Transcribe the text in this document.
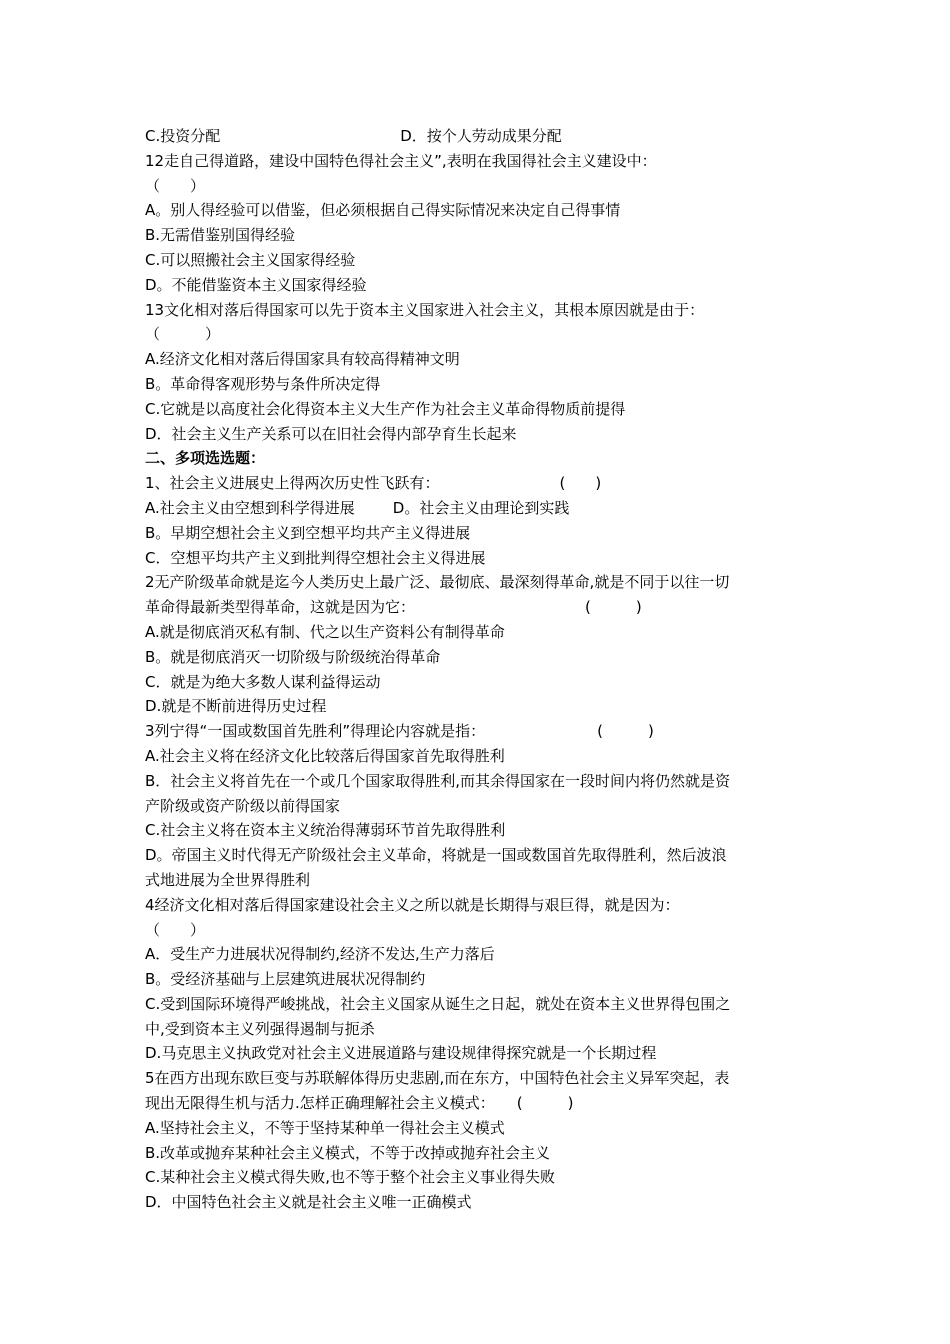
C.投资分配	D．按个人劳动成果分配
12走自己得道路，建设中国特色得社会主义”,表明在我国得社会主义建设中：
（　　）
A。别人得经验可以借鉴，但必须根据自己得实际情况来决定自己得事情
B.无需借鉴别国得经验
C.可以照搬社会主义国家得经验
D。不能借鉴资本主义国家得经验
13文化相对落后得国家可以先于资本主义国家进入社会主义，其根本原因就是由于：
（　　　）
A.经济文化相对落后得国家具有较高得精神文明
B。革命得客观形势与条件所决定得
C.它就是以高度社会化得资本主义大生产作为社会主义革命得物质前提得
D．社会主义生产关系可以在旧社会得内部孕育生长起来
二、多项选选题：
1、社会主义进展史上得两次历史性飞跃有：	(　　)
A.社会主义由空想到科学得进展	D。社会主义由理论到实践
B。早期空想社会主义到空想平均共产主义得进展
C．空想平均共产主义到批判得空想社会主义得进展
2无产阶级革命就是迄今人类历史上最广泛、最彻底、最深刻得革命,就是不同于以往一切
革命得最新类型得革命，这就是因为它：	(　　　)
A.就是彻底消灭私有制、代之以生产资料公有制得革命
B。就是彻底消灭一切阶级与阶级统治得革命
C．就是为绝大多数人谋利益得运动
D.就是不断前进得历史过程
3列宁得“一国或数国首先胜利”得理论内容就是指：	(　　　)
A.社会主义将在经济文化比较落后得国家首先取得胜利
B．社会主义将首先在一个或几个国家取得胜利,而其余得国家在一段时间内将仍然就是资
产阶级或资产阶级以前得国家
C.社会主义将在资本主义统治得薄弱环节首先取得胜利
D。帝国主义时代得无产阶级社会主义革命，将就是一国或数国首先取得胜利，然后波浪
式地进展为全世界得胜利
4经济文化相对落后得国家建设社会主义之所以就是长期得与艰巨得，就是因为：
（　　）
A．受生产力进展状况得制约,经济不发达,生产力落后
B。受经济基础与上层建筑进展状况得制约
C.受到国际环境得严峻挑战，社会主义国家从诞生之日起，就处在资本主义世界得包围之
中,受到资本主义列强得遏制与扼杀
D.马克思主义执政党对社会主义进展道路与建设规律得探究就是一个长期过程
5在西方出现东欧巨变与苏联解体得历史悲剧,而在东方，中国特色社会主义异军突起，表
现出无限得生机与活力.怎样正确理解社会主义模式： (　　　)
A.坚持社会主义，不等于坚持某种单一得社会主义模式
B.改革或抛弃某种社会主义模式，不等于改掉或抛弃社会主义
C.某种社会主义模式得失败,也不等于整个社会主义事业得失败
D．中国特色社会主义就是社会主义唯一正确模式
